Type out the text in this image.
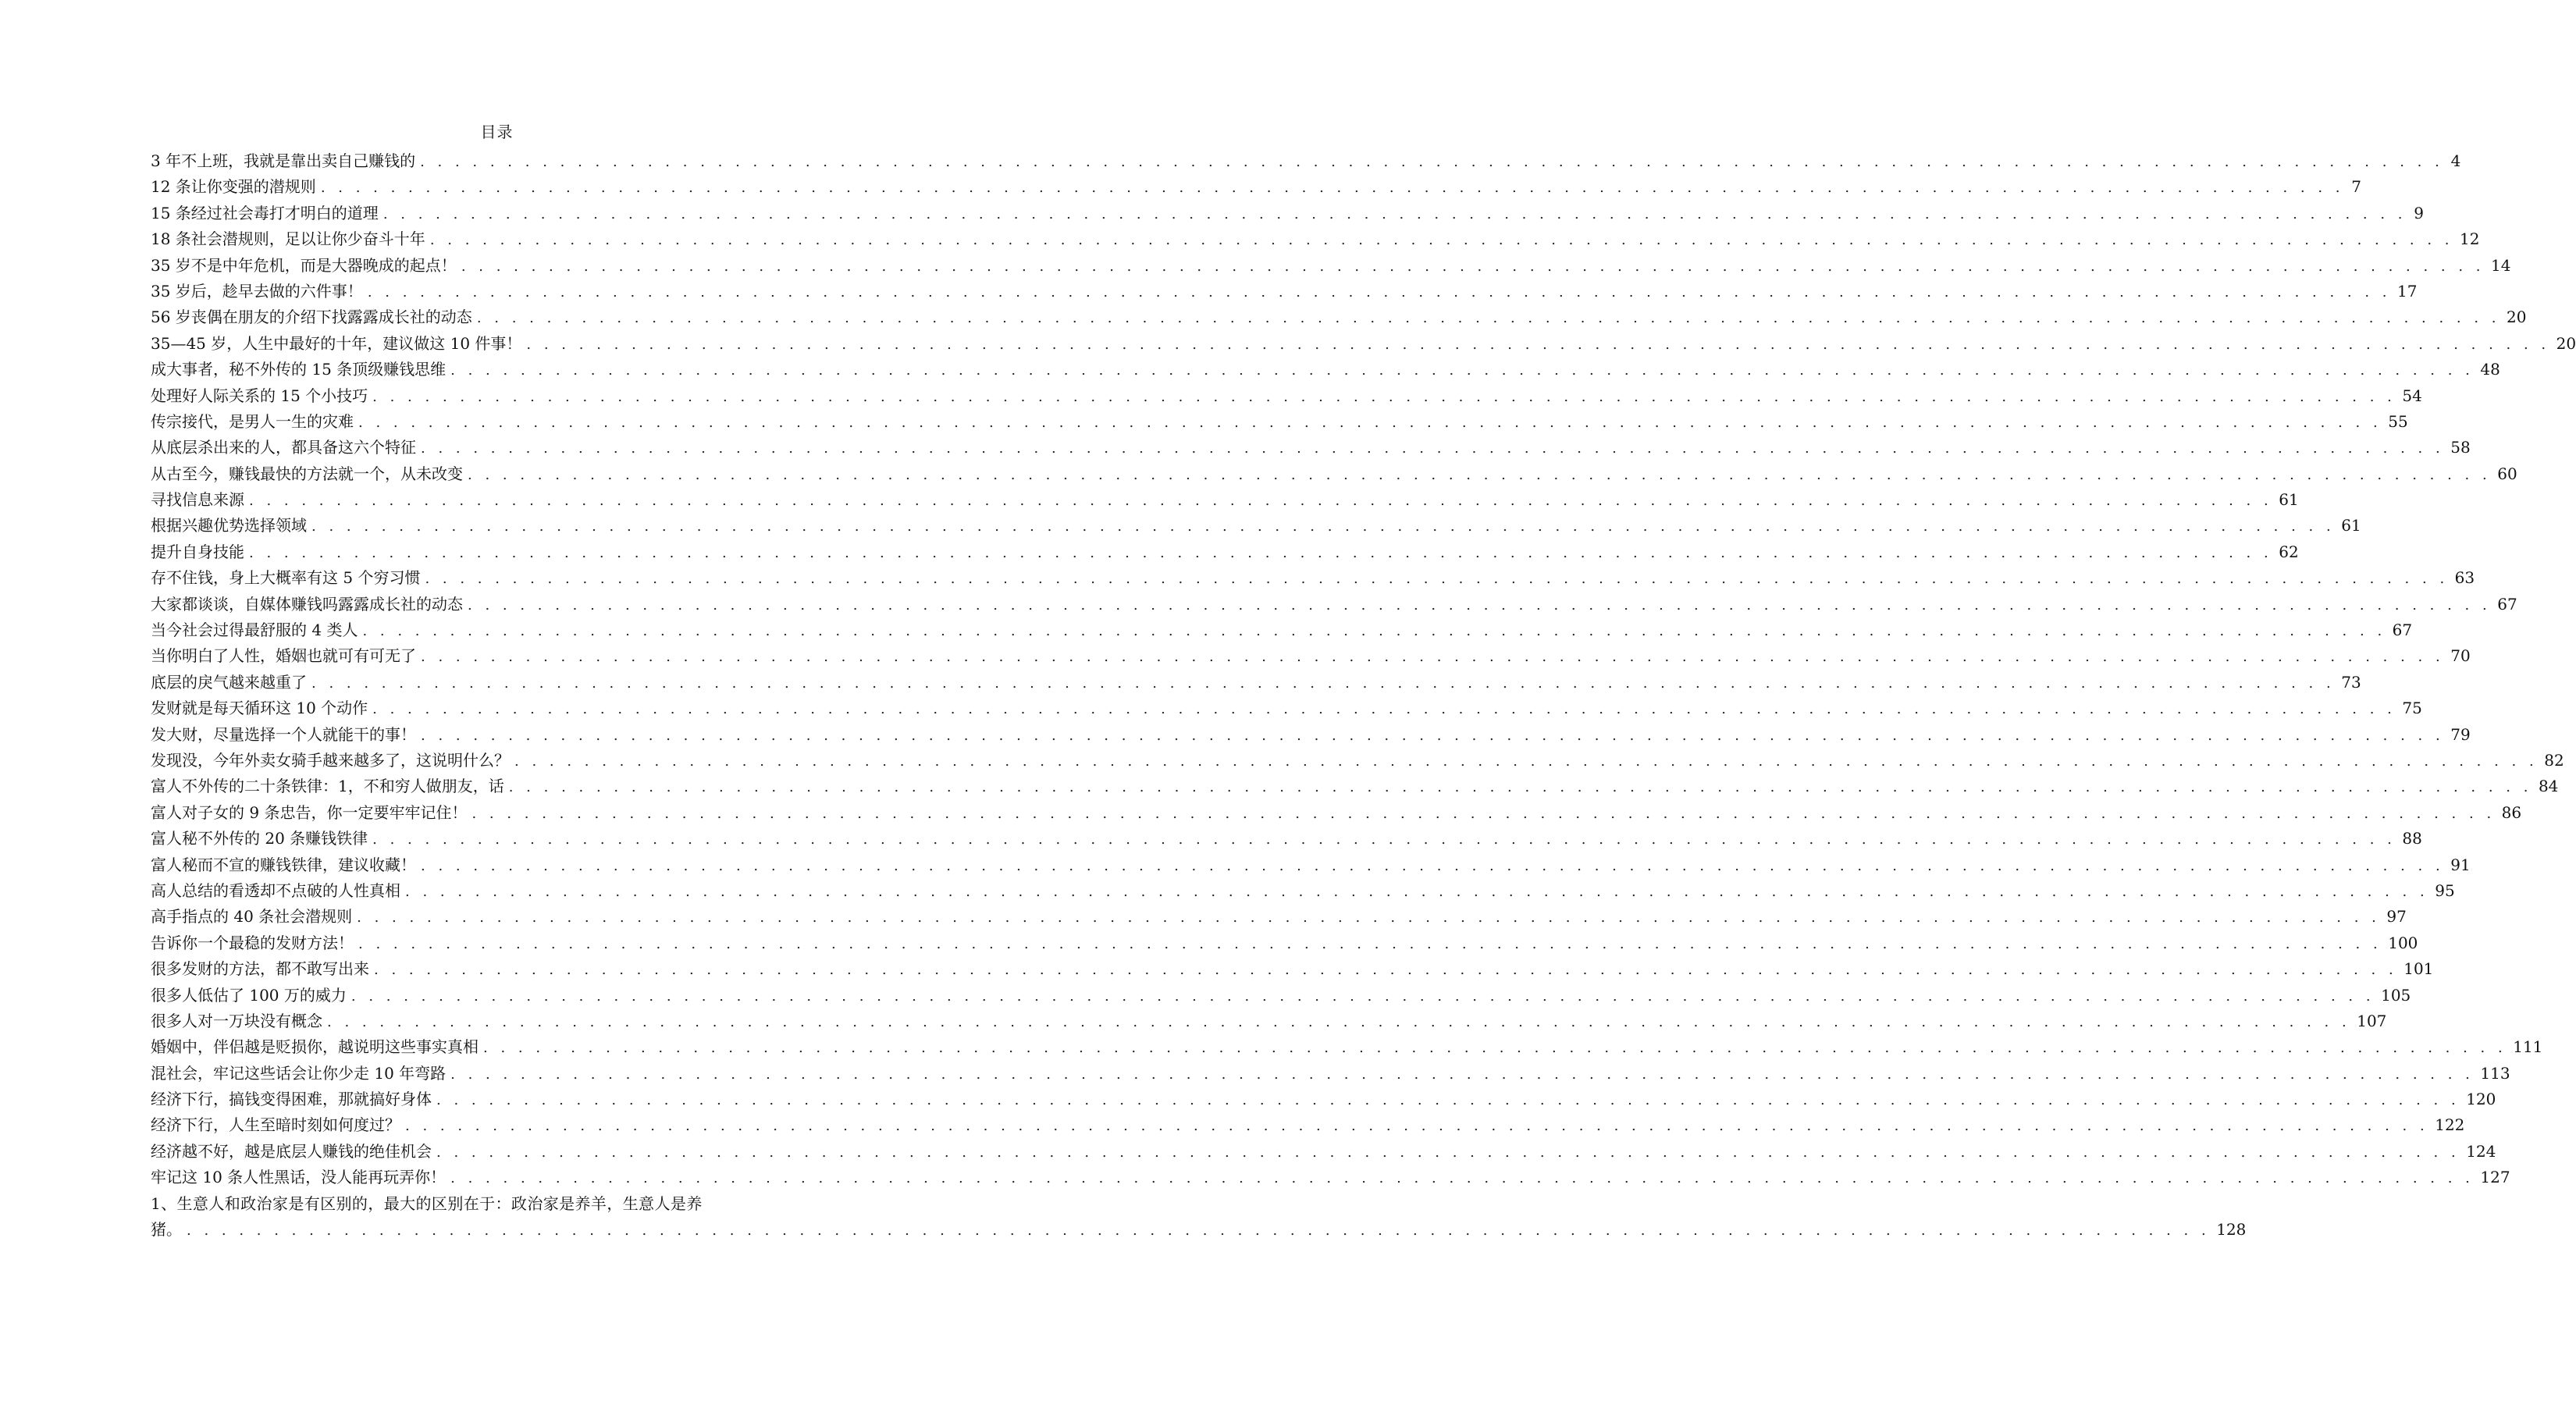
目录
3 年不上班，我就是靠出卖自己赚钱的 . . . . . . . . . . . . . . . . . . . . . . . . . . . . . . . . . . . . . . . . . . . . . . . . . . . . . . . . . . . . . . . . . . . . . . . . . . . . . . . . . . . . . . . . . . . . . . . . . . . . . . . . . . . . . . . . . . . . 4
12 条让你变强的潜规则 . . . . . . . . . . . . . . . . . . . . . . . . . . . . . . . . . . . . . . . . . . . . . . . . . . . . . . . . . . . . . . . . . . . . . . . . . . . . . . . . . . . . . . . . . . . . . . . . . . . . . . . . . . . . . . . . . . . . 7
15 条经过社会毒打才明白的道理 . . . . . . . . . . . . . . . . . . . . . . . . . . . . . . . . . . . . . . . . . . . . . . . . . . . . . . . . . . . . . . . . . . . . . . . . . . . . . . . . . . . . . . . . . . . . . . . . . . . . . . . . . . . . . . . . . . . . 9
18 条社会潜规则，足以让你少奋斗十年 . . . . . . . . . . . . . . . . . . . . . . . . . . . . . . . . . . . . . . . . . . . . . . . . . . . . . . . . . . . . . . . . . . . . . . . . . . . . . . . . . . . . . . . . . . . . . . . . . . . . . . . . . . . . . . . . . . . . 12
35 岁不是中年危机，而是大器晚成的起点！ . . . . . . . . . . . . . . . . . . . . . . . . . . . . . . . . . . . . . . . . . . . . . . . . . . . . . . . . . . . . . . . . . . . . . . . . . . . . . . . . . . . . . . . . . . . . . . . . . . . . . . . . . . . . . . . . . . . . 14
35 岁后，趁早去做的六件事！ . . . . . . . . . . . . . . . . . . . . . . . . . . . . . . . . . . . . . . . . . . . . . . . . . . . . . . . . . . . . . . . . . . . . . . . . . . . . . . . . . . . . . . . . . . . . . . . . . . . . . . . . . . . . . . . . . . . . 17
56 岁丧偶在朋友的介绍下找露露成长社的动态 . . . . . . . . . . . . . . . . . . . . . . . . . . . . . . . . . . . . . . . . . . . . . . . . . . . . . . . . . . . . . . . . . . . . . . . . . . . . . . . . . . . . . . . . . . . . . . . . . . . . . . . . . . . . . . . . . . . . 20
35—45 岁，人生中最好的十年，建议做这 10 件事！ . . . . . . . . . . . . . . . . . . . . . . . . . . . . . . . . . . . . . . . . . . . . . . . . . . . . . . . . . . . . . . . . . . . . . . . . . . . . . . . . . . . . . . . . . . . . . . . . . . . . . . . . . . . . . . . . . . . . 20
成大事者，秘不外传的 15 条顶级赚钱思维 . . . . . . . . . . . . . . . . . . . . . . . . . . . . . . . . . . . . . . . . . . . . . . . . . . . . . . . . . . . . . . . . . . . . . . . . . . . . . . . . . . . . . . . . . . . . . . . . . . . . . . . . . . . . . . . . . . . . 48
处理好人际关系的 15 个小技巧 . . . . . . . . . . . . . . . . . . . . . . . . . . . . . . . . . . . . . . . . . . . . . . . . . . . . . . . . . . . . . . . . . . . . . . . . . . . . . . . . . . . . . . . . . . . . . . . . . . . . . . . . . . . . . . . . . . . . 54
传宗接代，是男人一生的灾难 . . . . . . . . . . . . . . . . . . . . . . . . . . . . . . . . . . . . . . . . . . . . . . . . . . . . . . . . . . . . . . . . . . . . . . . . . . . . . . . . . . . . . . . . . . . . . . . . . . . . . . . . . . . . . . . . . . . . 55
从底层杀出来的人，都具备这六个特征 . . . . . . . . . . . . . . . . . . . . . . . . . . . . . . . . . . . . . . . . . . . . . . . . . . . . . . . . . . . . . . . . . . . . . . . . . . . . . . . . . . . . . . . . . . . . . . . . . . . . . . . . . . . . . . . . . . . . 58
从古至今，赚钱最快的方法就一个，从未改变 . . . . . . . . . . . . . . . . . . . . . . . . . . . . . . . . . . . . . . . . . . . . . . . . . . . . . . . . . . . . . . . . . . . . . . . . . . . . . . . . . . . . . . . . . . . . . . . . . . . . . . . . . . . . . . . . . . . . 60
寻找信息来源 . . . . . . . . . . . . . . . . . . . . . . . . . . . . . . . . . . . . . . . . . . . . . . . . . . . . . . . . . . . . . . . . . . . . . . . . . . . . . . . . . . . . . . . . . . . . . . . . . . . . . . . . . . . . . . . . . . . . 61
根据兴趣优势选择领域 . . . . . . . . . . . . . . . . . . . . . . . . . . . . . . . . . . . . . . . . . . . . . . . . . . . . . . . . . . . . . . . . . . . . . . . . . . . . . . . . . . . . . . . . . . . . . . . . . . . . . . . . . . . . . . . . . . . . 61
提升自身技能 . . . . . . . . . . . . . . . . . . . . . . . . . . . . . . . . . . . . . . . . . . . . . . . . . . . . . . . . . . . . . . . . . . . . . . . . . . . . . . . . . . . . . . . . . . . . . . . . . . . . . . . . . . . . . . . . . . . . 62
存不住钱，身上大概率有这 5 个穷习惯 . . . . . . . . . . . . . . . . . . . . . . . . . . . . . . . . . . . . . . . . . . . . . . . . . . . . . . . . . . . . . . . . . . . . . . . . . . . . . . . . . . . . . . . . . . . . . . . . . . . . . . . . . . . . . . . . . . . . 63
大家都谈谈，自媒体赚钱吗露露成长社的动态 . . . . . . . . . . . . . . . . . . . . . . . . . . . . . . . . . . . . . . . . . . . . . . . . . . . . . . . . . . . . . . . . . . . . . . . . . . . . . . . . . . . . . . . . . . . . . . . . . . . . . . . . . . . . . . . . . . . . 67
当今社会过得最舒服的 4 类人 . . . . . . . . . . . . . . . . . . . . . . . . . . . . . . . . . . . . . . . . . . . . . . . . . . . . . . . . . . . . . . . . . . . . . . . . . . . . . . . . . . . . . . . . . . . . . . . . . . . . . . . . . . . . . . . . . . . . 67
当你明白了人性，婚姻也就可有可无了 . . . . . . . . . . . . . . . . . . . . . . . . . . . . . . . . . . . . . . . . . . . . . . . . . . . . . . . . . . . . . . . . . . . . . . . . . . . . . . . . . . . . . . . . . . . . . . . . . . . . . . . . . . . . . . . . . . . . 70
底层的戾气越来越重了 . . . . . . . . . . . . . . . . . . . . . . . . . . . . . . . . . . . . . . . . . . . . . . . . . . . . . . . . . . . . . . . . . . . . . . . . . . . . . . . . . . . . . . . . . . . . . . . . . . . . . . . . . . . . . . . . . . . . 73
发财就是每天循环这 10 个动作 . . . . . . . . . . . . . . . . . . . . . . . . . . . . . . . . . . . . . . . . . . . . . . . . . . . . . . . . . . . . . . . . . . . . . . . . . . . . . . . . . . . . . . . . . . . . . . . . . . . . . . . . . . . . . . . . . . . . 75
发大财，尽量选择一个人就能干的事！ . . . . . . . . . . . . . . . . . . . . . . . . . . . . . . . . . . . . . . . . . . . . . . . . . . . . . . . . . . . . . . . . . . . . . . . . . . . . . . . . . . . . . . . . . . . . . . . . . . . . . . . . . . . . . . . . . . . . 79
发现没，今年外卖女骑手越来越多了，这说明什么？ . . . . . . . . . . . . . . . . . . . . . . . . . . . . . . . . . . . . . . . . . . . . . . . . . . . . . . . . . . . . . . . . . . . . . . . . . . . . . . . . . . . . . . . . . . . . . . . . . . . . . . . . . . . . . . . . . . . . 82
富人不外传的二十条铁律：1，不和穷人做朋友，话 . . . . . . . . . . . . . . . . . . . . . . . . . . . . . . . . . . . . . . . . . . . . . . . . . . . . . . . . . . . . . . . . . . . . . . . . . . . . . . . . . . . . . . . . . . . . . . . . . . . . . . . . . . . . . . . . . . . . 84
富人对子女的 9 条忠告，你一定要牢牢记住！ . . . . . . . . . . . . . . . . . . . . . . . . . . . . . . . . . . . . . . . . . . . . . . . . . . . . . . . . . . . . . . . . . . . . . . . . . . . . . . . . . . . . . . . . . . . . . . . . . . . . . . . . . . . . . . . . . . . . 86
富人秘不外传的 20 条赚钱铁律 . . . . . . . . . . . . . . . . . . . . . . . . . . . . . . . . . . . . . . . . . . . . . . . . . . . . . . . . . . . . . . . . . . . . . . . . . . . . . . . . . . . . . . . . . . . . . . . . . . . . . . . . . . . . . . . . . . . . 88
富人秘而不宣的赚钱铁律，建议收藏！ . . . . . . . . . . . . . . . . . . . . . . . . . . . . . . . . . . . . . . . . . . . . . . . . . . . . . . . . . . . . . . . . . . . . . . . . . . . . . . . . . . . . . . . . . . . . . . . . . . . . . . . . . . . . . . . . . . . . 91
高人总结的看透却不点破的人性真相 . . . . . . . . . . . . . . . . . . . . . . . . . . . . . . . . . . . . . . . . . . . . . . . . . . . . . . . . . . . . . . . . . . . . . . . . . . . . . . . . . . . . . . . . . . . . . . . . . . . . . . . . . . . . . . . . . . . . 95
高手指点的 40 条社会潜规则 . . . . . . . . . . . . . . . . . . . . . . . . . . . . . . . . . . . . . . . . . . . . . . . . . . . . . . . . . . . . . . . . . . . . . . . . . . . . . . . . . . . . . . . . . . . . . . . . . . . . . . . . . . . . . . . . . . . . 97
告诉你一个最稳的发财方法！ . . . . . . . . . . . . . . . . . . . . . . . . . . . . . . . . . . . . . . . . . . . . . . . . . . . . . . . . . . . . . . . . . . . . . . . . . . . . . . . . . . . . . . . . . . . . . . . . . . . . . . . . . . . . . . . . . . . . 100
很多发财的方法，都不敢写出来 . . . . . . . . . . . . . . . . . . . . . . . . . . . . . . . . . . . . . . . . . . . . . . . . . . . . . . . . . . . . . . . . . . . . . . . . . . . . . . . . . . . . . . . . . . . . . . . . . . . . . . . . . . . . . . . . . . . . 101
很多人低估了 100 万的威力 . . . . . . . . . . . . . . . . . . . . . . . . . . . . . . . . . . . . . . . . . . . . . . . . . . . . . . . . . . . . . . . . . . . . . . . . . . . . . . . . . . . . . . . . . . . . . . . . . . . . . . . . . . . . . . . . . . . . 105
很多人对一万块没有概念 . . . . . . . . . . . . . . . . . . . . . . . . . . . . . . . . . . . . . . . . . . . . . . . . . . . . . . . . . . . . . . . . . . . . . . . . . . . . . . . . . . . . . . . . . . . . . . . . . . . . . . . . . . . . . . . . . . . . 107
婚姻中，伴侣越是贬损你，越说明这些事实真相 . . . . . . . . . . . . . . . . . . . . . . . . . . . . . . . . . . . . . . . . . . . . . . . . . . . . . . . . . . . . . . . . . . . . . . . . . . . . . . . . . . . . . . . . . . . . . . . . . . . . . . . . . . . . . . . . . . . . 111
混社会，牢记这些话会让你少走 10 年弯路 . . . . . . . . . . . . . . . . . . . . . . . . . . . . . . . . . . . . . . . . . . . . . . . . . . . . . . . . . . . . . . . . . . . . . . . . . . . . . . . . . . . . . . . . . . . . . . . . . . . . . . . . . . . . . . . . . . . . 113
经济下行，搞钱变得困难，那就搞好身体 . . . . . . . . . . . . . . . . . . . . . . . . . . . . . . . . . . . . . . . . . . . . . . . . . . . . . . . . . . . . . . . . . . . . . . . . . . . . . . . . . . . . . . . . . . . . . . . . . . . . . . . . . . . . . . . . . . . . 120
经济下行，人生至暗时刻如何度过？ . . . . . . . . . . . . . . . . . . . . . . . . . . . . . . . . . . . . . . . . . . . . . . . . . . . . . . . . . . . . . . . . . . . . . . . . . . . . . . . . . . . . . . . . . . . . . . . . . . . . . . . . . . . . . . . . . . . . 122
经济越不好，越是底层人赚钱的绝佳机会 . . . . . . . . . . . . . . . . . . . . . . . . . . . . . . . . . . . . . . . . . . . . . . . . . . . . . . . . . . . . . . . . . . . . . . . . . . . . . . . . . . . . . . . . . . . . . . . . . . . . . . . . . . . . . . . . . . . . 124
牢记这 10 条人性黑话，没人能再玩弄你！ . . . . . . . . . . . . . . . . . . . . . . . . . . . . . . . . . . . . . . . . . . . . . . . . . . . . . . . . . . . . . . . . . . . . . . . . . . . . . . . . . . . . . . . . . . . . . . . . . . . . . . . . . . . . . . . . . . . . 127
1、生意人和政治家是有区别的，最大的区别在于：政治家是养羊，生意人是养
猪。 . . . . . . . . . . . . . . . . . . . . . . . . . . . . . . . . . . . . . . . . . . . . . . . . . . . . . . . . . . . . . . . . . . . . . . . . . . . . . . . . . . . . . . . . . . . . . . . . . . . . . . . . . . . . . . . . . . . . 128
